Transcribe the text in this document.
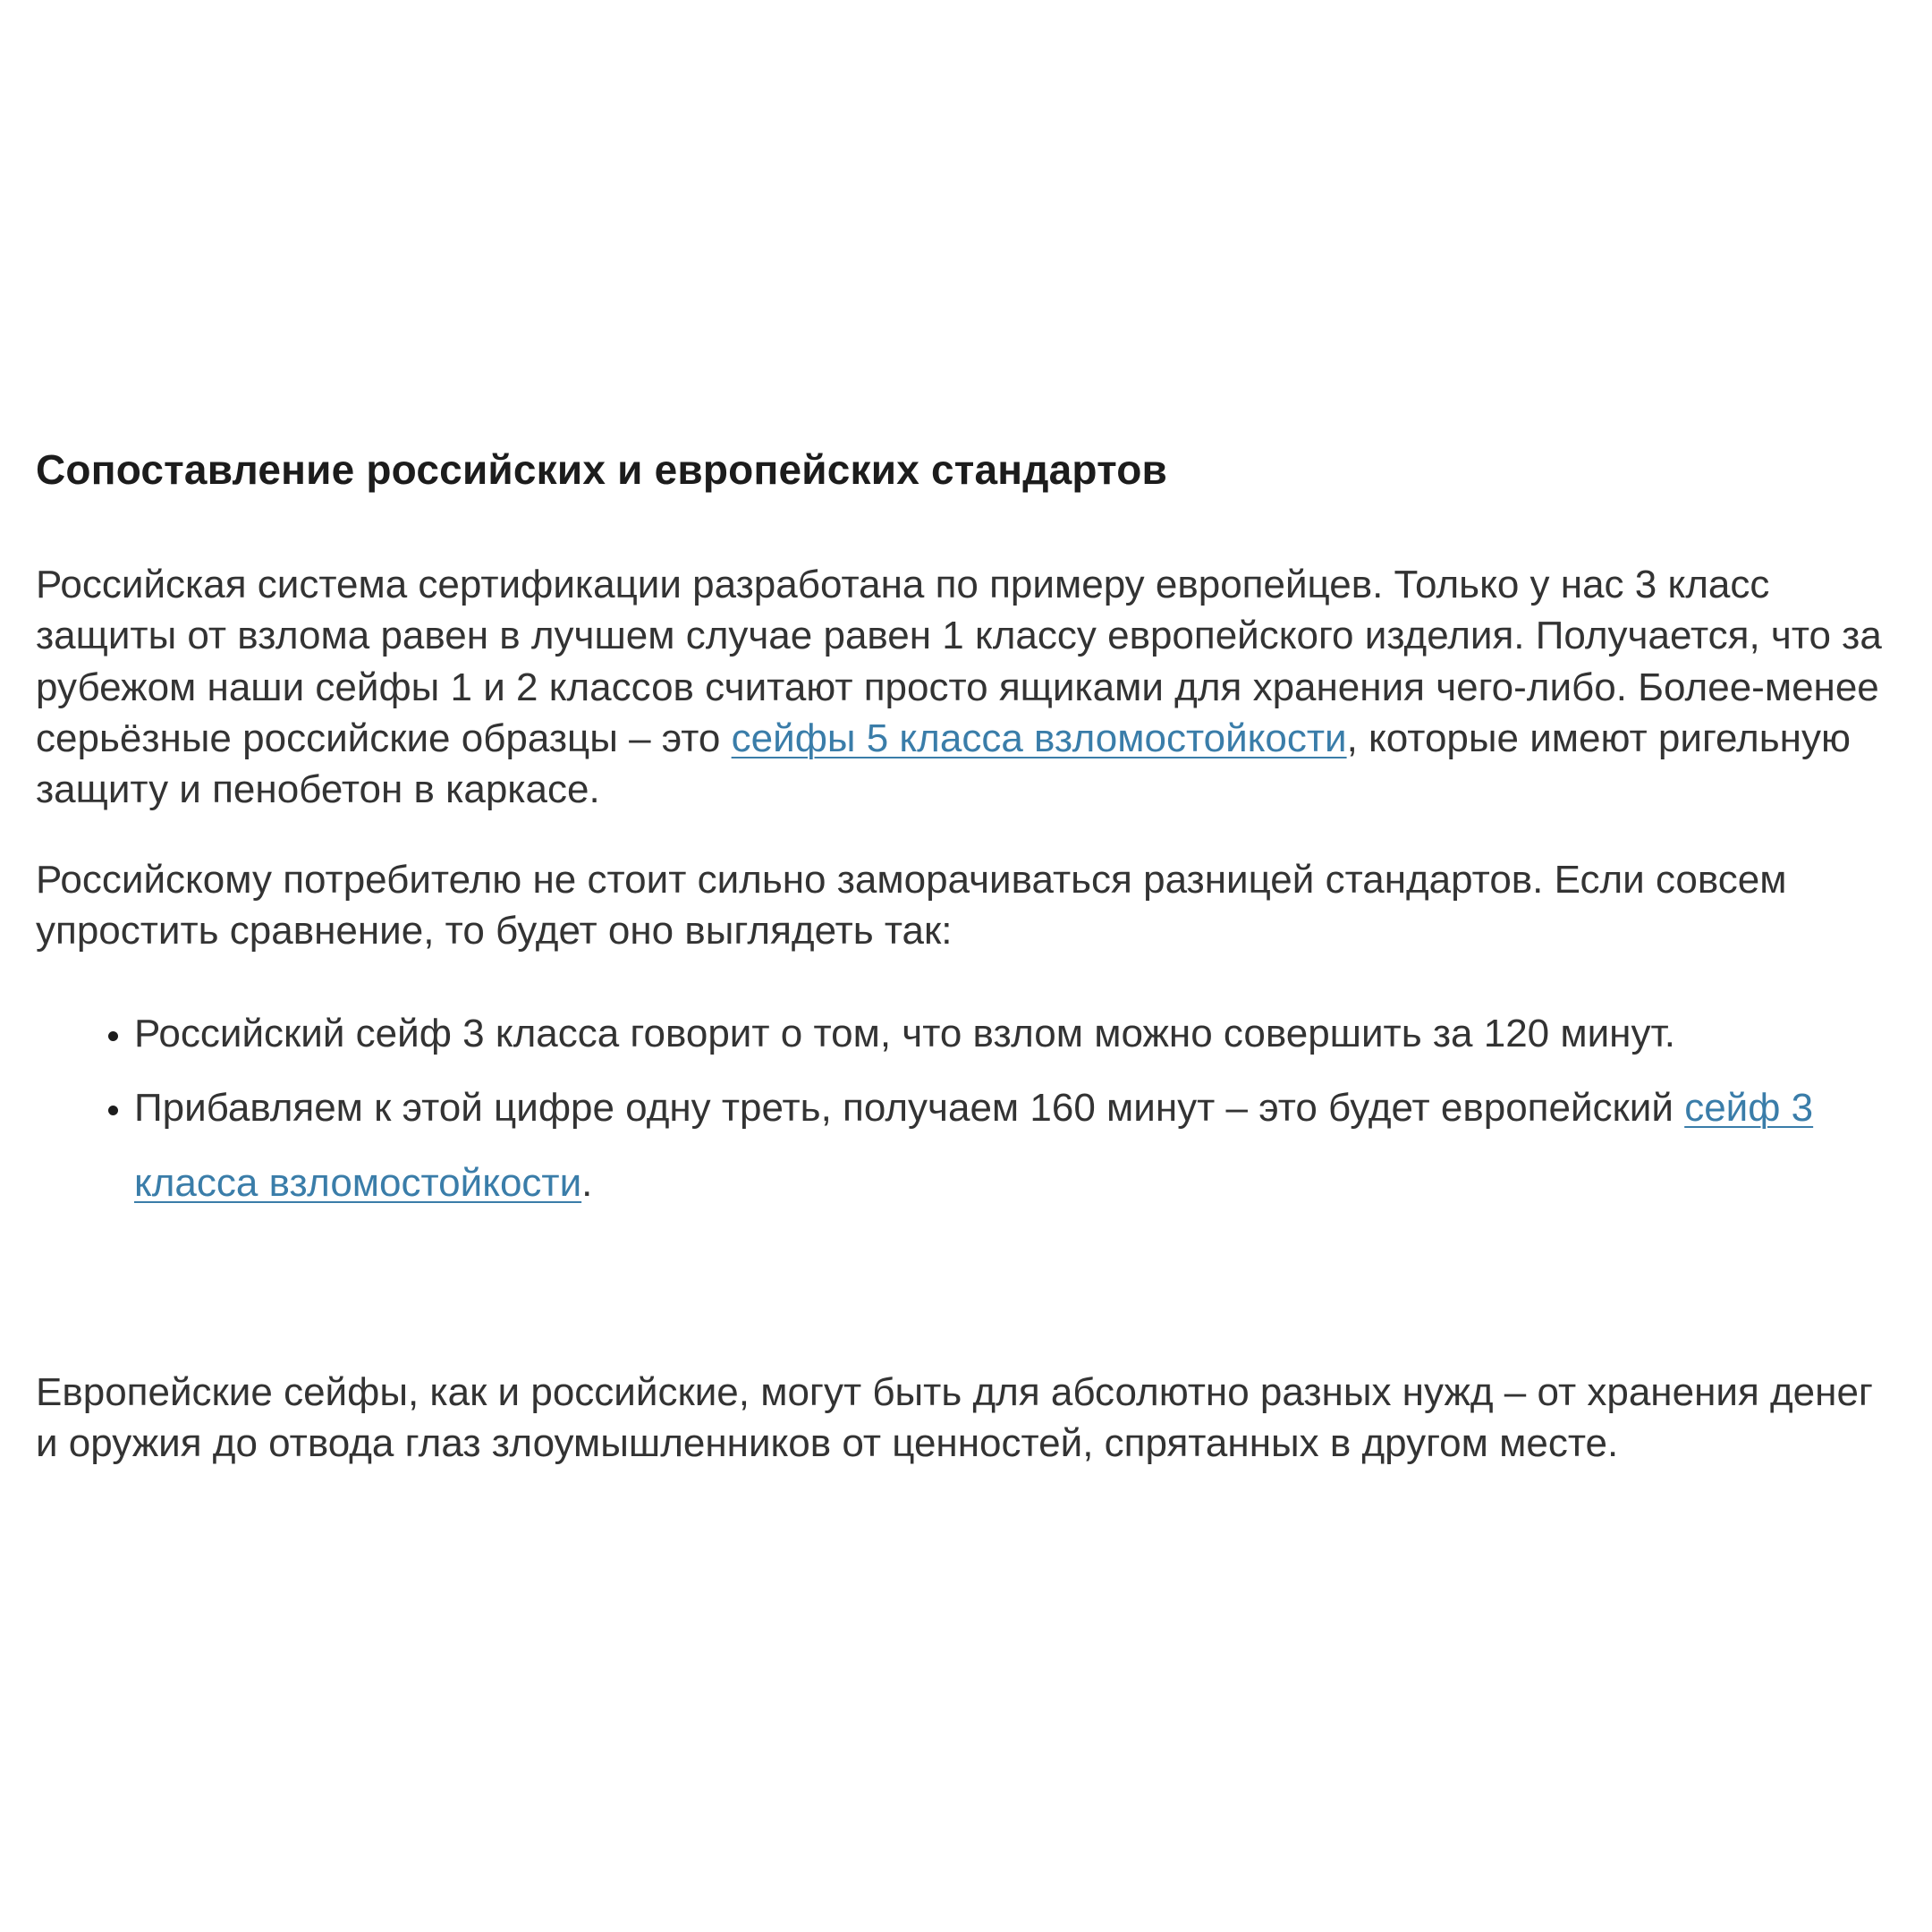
Сопоставление российских и европейских стандартов

Российская система сертификации разработана по примеру европейцев. Только у нас 3 класс защиты от взлома равен в лучшем случае равен 1 классу европейского изделия. Получается, что за рубежом наши сейфы 1 и 2 классов считают просто ящиками для хранения чего-либо. Более-менее серьёзные российские образцы – это сейфы 5 класса взломостойкости, которые имеют ригельную защиту и пенобетон в каркасе.

Российскому потребителю не стоит сильно заморачиваться разницей стандартов. Если совсем упростить сравнение, то будет оно выглядеть так:

• Российский сейф 3 класса говорит о том, что взлом можно совершить за 120 минут.
• Прибавляем к этой цифре одну треть, получаем 160 минут – это будет европейский сейф 3 класса взломостойкости.

Европейские сейфы, как и российские, могут быть для абсолютно разных нужд – от хранения денег и оружия до отвода глаз злоумышленников от ценностей, спрятанных в другом месте.
